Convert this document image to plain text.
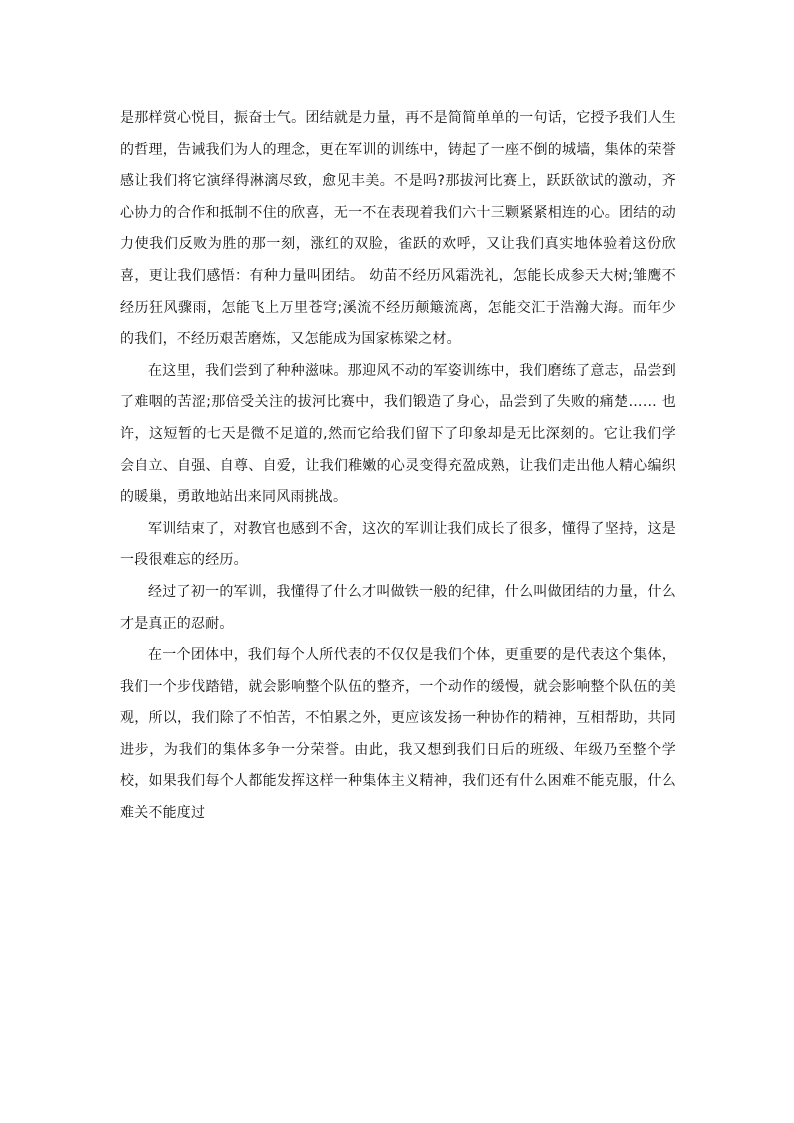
是那样赏心悦目，振奋士气。团结就是力量，再不是简简单单的一句话，它授予我们人生的哲理，告诫我们为人的理念，更在军训的训练中，铸起了一座不倒的城墙，集体的荣誉感让我们将它演绎得淋漓尽致，愈见丰美。不是吗?那拔河比赛上，跃跃欲试的激动，齐心协力的合作和抵制不住的欣喜，无一不在表现着我们六十三颗紧紧相连的心。团结的动力使我们反败为胜的那一刻，涨红的双脸，雀跃的欢呼，又让我们真实地体验着这份欣喜，更让我们感悟：有种力量叫团结。 幼苗不经历风霜洗礼，怎能长成参天大树;雏鹰不经历狂风骤雨，怎能飞上万里苍穹;溪流不经历颠簸流离，怎能交汇于浩瀚大海。而年少的我们，不经历艰苦磨炼，又怎能成为国家栋梁之材。

在这里，我们尝到了种种滋味。那迎风不动的军姿训练中，我们磨练了意志，品尝到了难咽的苦涩;那倍受关注的拔河比赛中，我们锻造了身心，品尝到了失败的痛楚…… 也许，这短暂的七天是微不足道的,然而它给我们留下了印象却是无比深刻的。它让我们学会自立、自强、自尊、自爱，让我们稚嫩的心灵变得充盈成熟，让我们走出他人精心编织的暖巢，勇敢地站出来同风雨挑战。

军训结束了，对教官也感到不舍，这次的军训让我们成长了很多，懂得了坚持，这是一段很难忘的经历。

经过了初一的军训，我懂得了什么才叫做铁一般的纪律，什么叫做团结的力量，什么才是真正的忍耐。

在一个团体中，我们每个人所代表的不仅仅是我们个体，更重要的是代表这个集体，我们一个步伐踏错，就会影响整个队伍的整齐，一个动作的缓慢，就会影响整个队伍的美观，所以，我们除了不怕苦，不怕累之外，更应该发扬一种协作的精神，互相帮助，共同进步，为我们的集体多争一分荣誉。由此，我又想到我们日后的班级、年级乃至整个学校，如果我们每个人都能发挥这样一种集体主义精神，我们还有什么困难不能克服，什么难关不能度过
